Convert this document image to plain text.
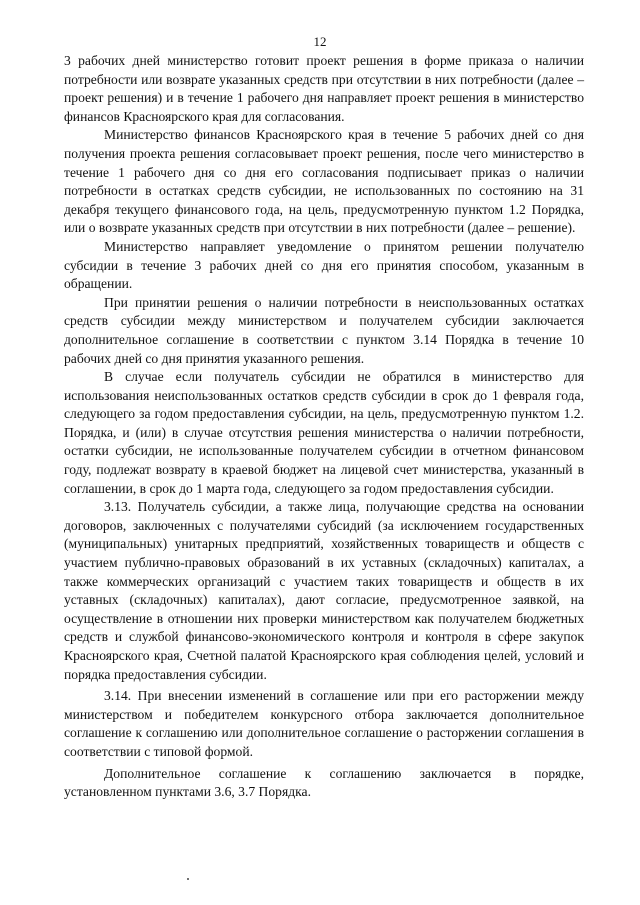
12

3 рабочих дней министерство готовит проект решения в форме приказа о наличии потребности или возврате указанных средств при отсутствии в них потребности (далее – проект решения) и в течение 1 рабочего дня направляет проект решения в министерство финансов Красноярского края для согласования.

Министерство финансов Красноярского края в течение 5 рабочих дней со дня получения проекта решения согласовывает проект решения, после чего министерство в течение 1 рабочего дня со дня его согласования подписывает приказ о наличии потребности в остатках средств субсидии, не использованных по состоянию на 31 декабря текущего финансового года, на цель, предусмотренную пунктом 1.2 Порядка, или о возврате указанных средств при отсутствии в них потребности (далее – решение).

Министерство направляет уведомление о принятом решении получателю субсидии в течение 3 рабочих дней со дня его принятия способом, указанным в обращении.

При принятии решения о наличии потребности в неиспользованных остатках средств субсидии между министерством и получателем субсидии заключается дополнительное соглашение в соответствии с пунктом 3.14 Порядка в течение 10 рабочих дней со дня принятия указанного решения.

В случае если получатель субсидии не обратился в министерство для использования неиспользованных остатков средств субсидии в срок до 1 февраля года, следующего за годом предоставления субсидии, на цель, предусмотренную пунктом 1.2. Порядка, и (или) в случае отсутствия решения министерства о наличии потребности, остатки субсидии, не использованные получателем субсидии в отчетном финансовом году, подлежат возврату в краевой бюджет на лицевой счет министерства, указанный в соглашении, в срок до 1 марта года, следующего за годом предоставления субсидии.

3.13. Получатель субсидии, а также лица, получающие средства на основании договоров, заключенных с получателями субсидий (за исключением государственных (муниципальных) унитарных предприятий, хозяйственных товариществ и обществ с участием публично-правовых образований в их уставных (складочных) капиталах, а также коммерческих организаций с участием таких товариществ и обществ в их уставных (складочных) капиталах), дают согласие, предусмотренное заявкой, на осуществление в отношении них проверки министерством как получателем бюджетных средств и службой финансово-экономического контроля и контроля в сфере закупок Красноярского края, Счетной палатой Красноярского края соблюдения целей, условий и порядка предоставления субсидии.

3.14. При внесении изменений в соглашение или при его расторжении между министерством и победителем конкурсного отбора заключается дополнительное соглашение к соглашению или дополнительное соглашение о расторжении соглашения в соответствии с типовой формой.

Дополнительное соглашение к соглашению заключается в порядке, установленном пунктами 3.6, 3.7 Порядка.
